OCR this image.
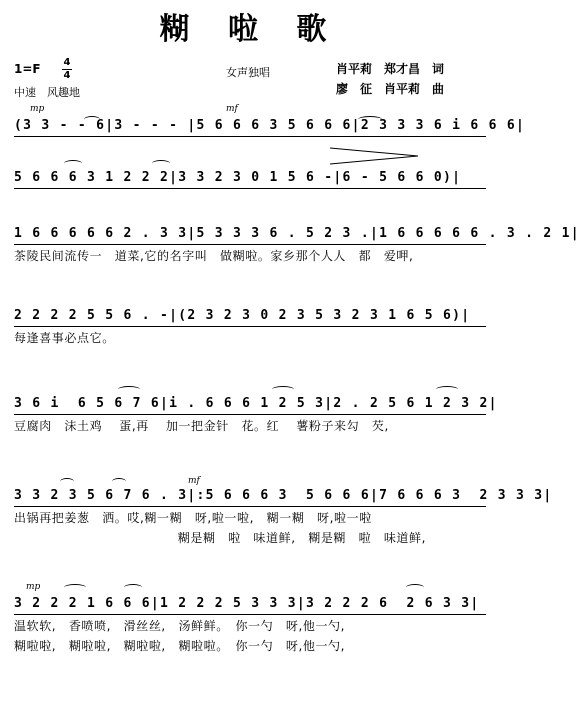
糊 啦 歌
1=F 4
4
中速　风趣地
女声独唱	肖平莉　郑才昌　词
廖　征　肖平莉　曲
mp	mf
(3 3 - - 6|3 - - - |5 6 6 6 3 5 6 6 6|2 3 3 3 6 i 6 6 6|
5 6 6 6 3 1 2 2 2|3 3 2 3 0 1 5 6 -|6 - 5 6 6 0)|
1 6 6 6 6 6 2 . 3 3|5 3 3 3 6 . 5 2 3 .|1 6 6 6 6 6 . 3 . 2 1|
茶陵民间流传一　道菜,它的名字叫　做糊啦。家乡那个人人　都　爱呷,
2 2 2 2 5 5 6 . -|(2 3 2 3 0 2 3 5 3 2 3 1 6 5 6)|
每逢喜事必点它。
3 6 i  6 5 6 7 6|i . 6 6 6 1 2 5 3|2 . 2 5 6 1 2 3 2|
豆腐肉　沫土鸡　 蛋,再　 加一把金针　花。红　 薯粉子来勾　芡,
mf
3 3 2 3 5 6 7 6 . 3|:5 6 6 6 3  5 6 6 6|7 6 6 6 3  2 3 3 3|
出锅再把姜葱　洒。哎,糊一糊　呀,啦一啦,　糊一糊　呀,啦一啦
　　　　　　　　　　　　　糊是糊　啦　味道鲜,　糊是糊　啦　味道鲜,
mp
3 2 2 2 1 6 6 6|1 2 2 2 5 3 3 3|3 2 2 2 6  2 6 3 3|
温软软,　香喷喷,　滑丝丝,　汤鲜鲜。　你一勺　呀,他一勺,
糊啦啦,　糊啦啦,　糊啦啦,　糊啦啦。　你一勺　呀,他一勺,
